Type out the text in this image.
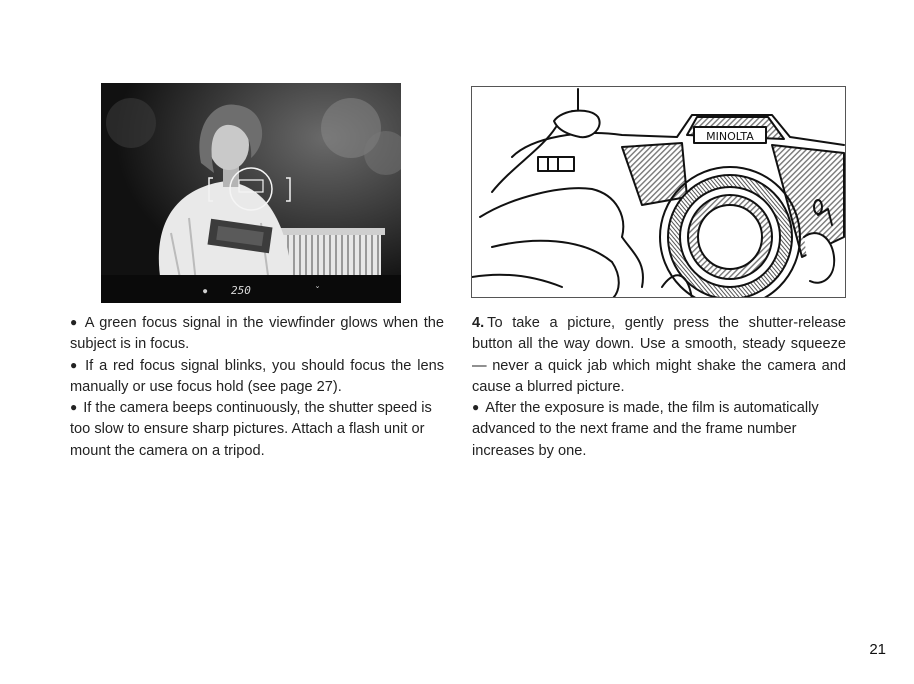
● 250	ˇ
MINOLTA

● A green focus signal in the viewfinder glows when the subject is in focus.

● If a red focus signal blinks, you should focus the lens manually or use focus hold (see page 27).

● If the camera beeps continuously, the shutter speed is too slow to ensure sharp pictures. Attach a flash unit or mount the camera on a tripod.

4. To take a picture, gently press the shutter-release button all the way down. Use a smooth, steady squeeze — never a quick jab which might shake the camera and cause a blurred picture.

● After the exposure is made, the film is automatically advanced to the next frame and the frame number increases by one.

21
